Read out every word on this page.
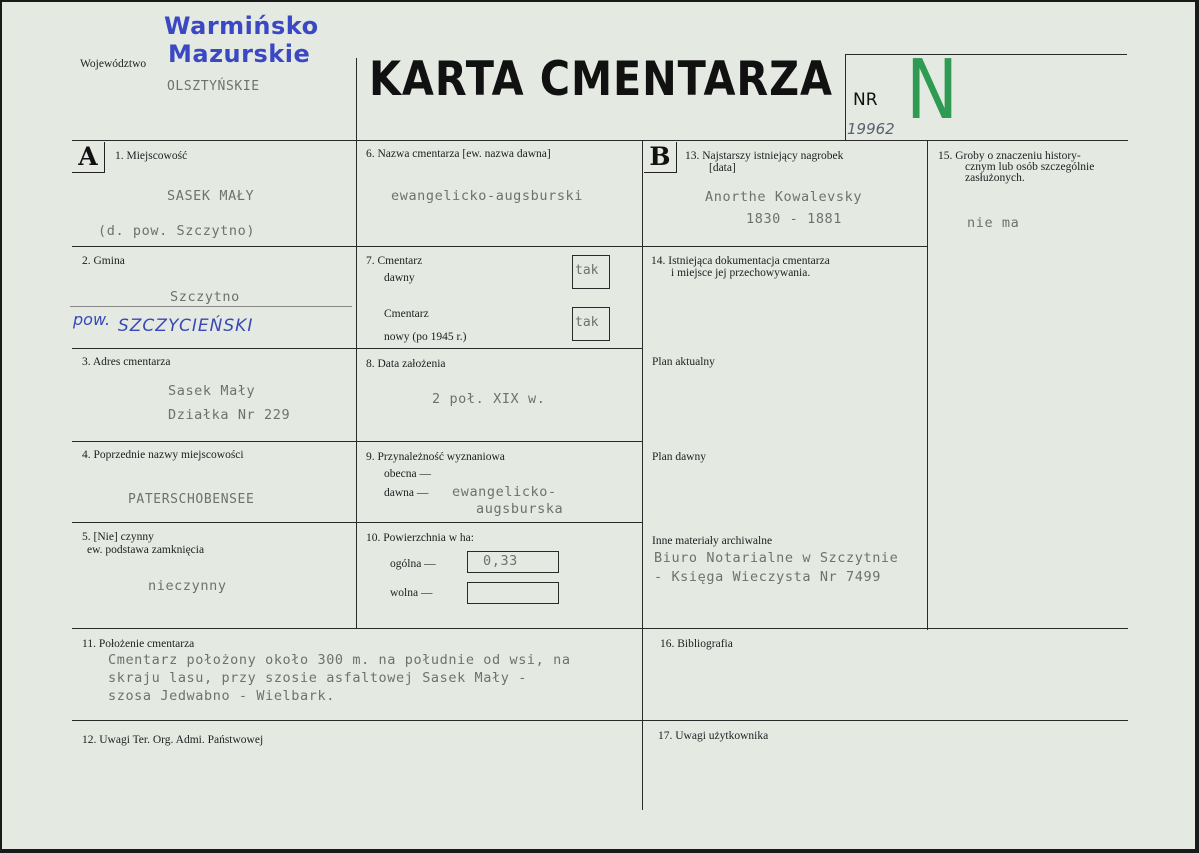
Województwo
Warmińsko
Mazurskie
OLSZTYŃSKIE KARTA CMENTARZA NR N
19962
A	1. Miejscowość
SASEK MAŁY
(d. pow. Szczytno)
2. Gmina
Szczytno
pow. SZCZYCIEŃSKI
3. Adres cmentarza
Sasek Mały
Działka Nr 229
4. Poprzednie nazwy miejscowości
PATERSCHOBENSEE
5. [Nie] czynny
ew. podstawa zamknięcia
nieczynny
6. Nazwa cmentarza [ew. nazwa dawna]
ewangelicko-augsburski
7. Cmentarz
dawny
Cmentarz
nowy (po 1945 r.)
tak
tak
8. Data założenia
2 poł. XIX w.
9. Przynależność wyznaniowa
obecna —
dawna — ewangelicko-
augsburska
10. Powierzchnia w ha:
ogólna —
wolna —
0,33
11. Położenie cmentarza
Cmentarz położony około 300 m. na południe od wsi, na
skraju lasu, przy szosie asfaltowej Sasek Mały -
szosa Jedwabno - Wielbark.
12. Uwagi Ter. Org. Admi. Państwowej
B	13. Najstarszy istniejący nagrobek
[data]
Anorthe Kowalevsky
1830 - 1881
14. Istniejąca dokumentacja cmentarza
i miejsce jej przechowywania.
Plan aktualny
Plan dawny
Inne materiały archiwalne
Biuro Notarialne w Szczytnie
- Księga Wieczysta Nr 7499
15. Groby o znaczeniu history-
cznym lub osób szczególnie
zasłużonych.
nie ma
16. Bibliografia
17. Uwagi użytkownika
